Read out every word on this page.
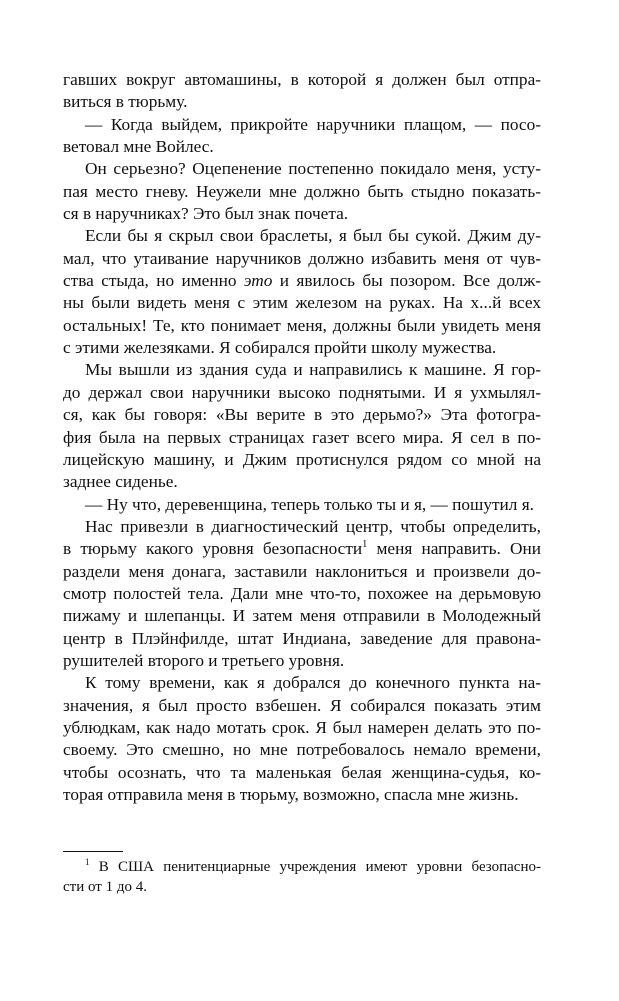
гавших вокруг автомашины, в которой я должен был отпра-
виться в тюрьму.
— Когда выйдем, прикройте наручники плащом, — посо-
ветовал мне Войлес.
Он серьезно? Оцепенение постепенно покидало меня, усту-
пая место гневу. Неужели мне должно быть стыдно показать-
ся в наручниках? Это был знак почета.
Если бы я скрыл свои браслеты, я был бы сукой. Джим ду-
мал, что утаивание наручников должно избавить меня от чув-
ства стыда, но именно это и явилось бы позором. Все долж-
ны были видеть меня с этим железом на руках. На х...й всех
остальных! Те, кто понимает меня, должны были увидеть меня
с этими железяками. Я собирался пройти школу мужества.
Мы вышли из здания суда и направились к машине. Я гор-
до держал свои наручники высоко поднятыми. И я ухмылял-
ся, как бы говоря: «Вы верите в это дерьмо?» Эта фотогра-
фия была на первых страницах газет всего мира. Я сел в по-
лицейскую машину, и Джим протиснулся рядом со мной на
заднее сиденье.
— Ну что, деревенщина, теперь только ты и я, — пошутил я.
Нас привезли в диагностический центр, чтобы определить,
в тюрьму какого уровня безопасности$^1$ меня направить. Они
раздели меня донага, заставили наклониться и произвели до-
смотр полостей тела. Дали мне что-то, похожее на дерьмовую
пижаму и шлепанцы. И затем меня отправили в Молодежный
центр в Плэйнфилде, штат Индиана, заведение для правона-
рушителей второго и третьего уровня.
К тому времени, как я добрался до конечного пункта на-
значения, я был просто взбешен. Я собирался показать этим
ублюдкам, как надо мотать срок. Я был намерен делать это по-
своему. Это смешно, но мне потребовалось немало времени,
чтобы осознать, что та маленькая белая женщина-судья, ко-
торая отправила меня в тюрьму, возможно, спасла мне жизнь.
$^1$ В США пенитенциарные учреждения имеют уровни безопасно-
сти от 1 до 4.
